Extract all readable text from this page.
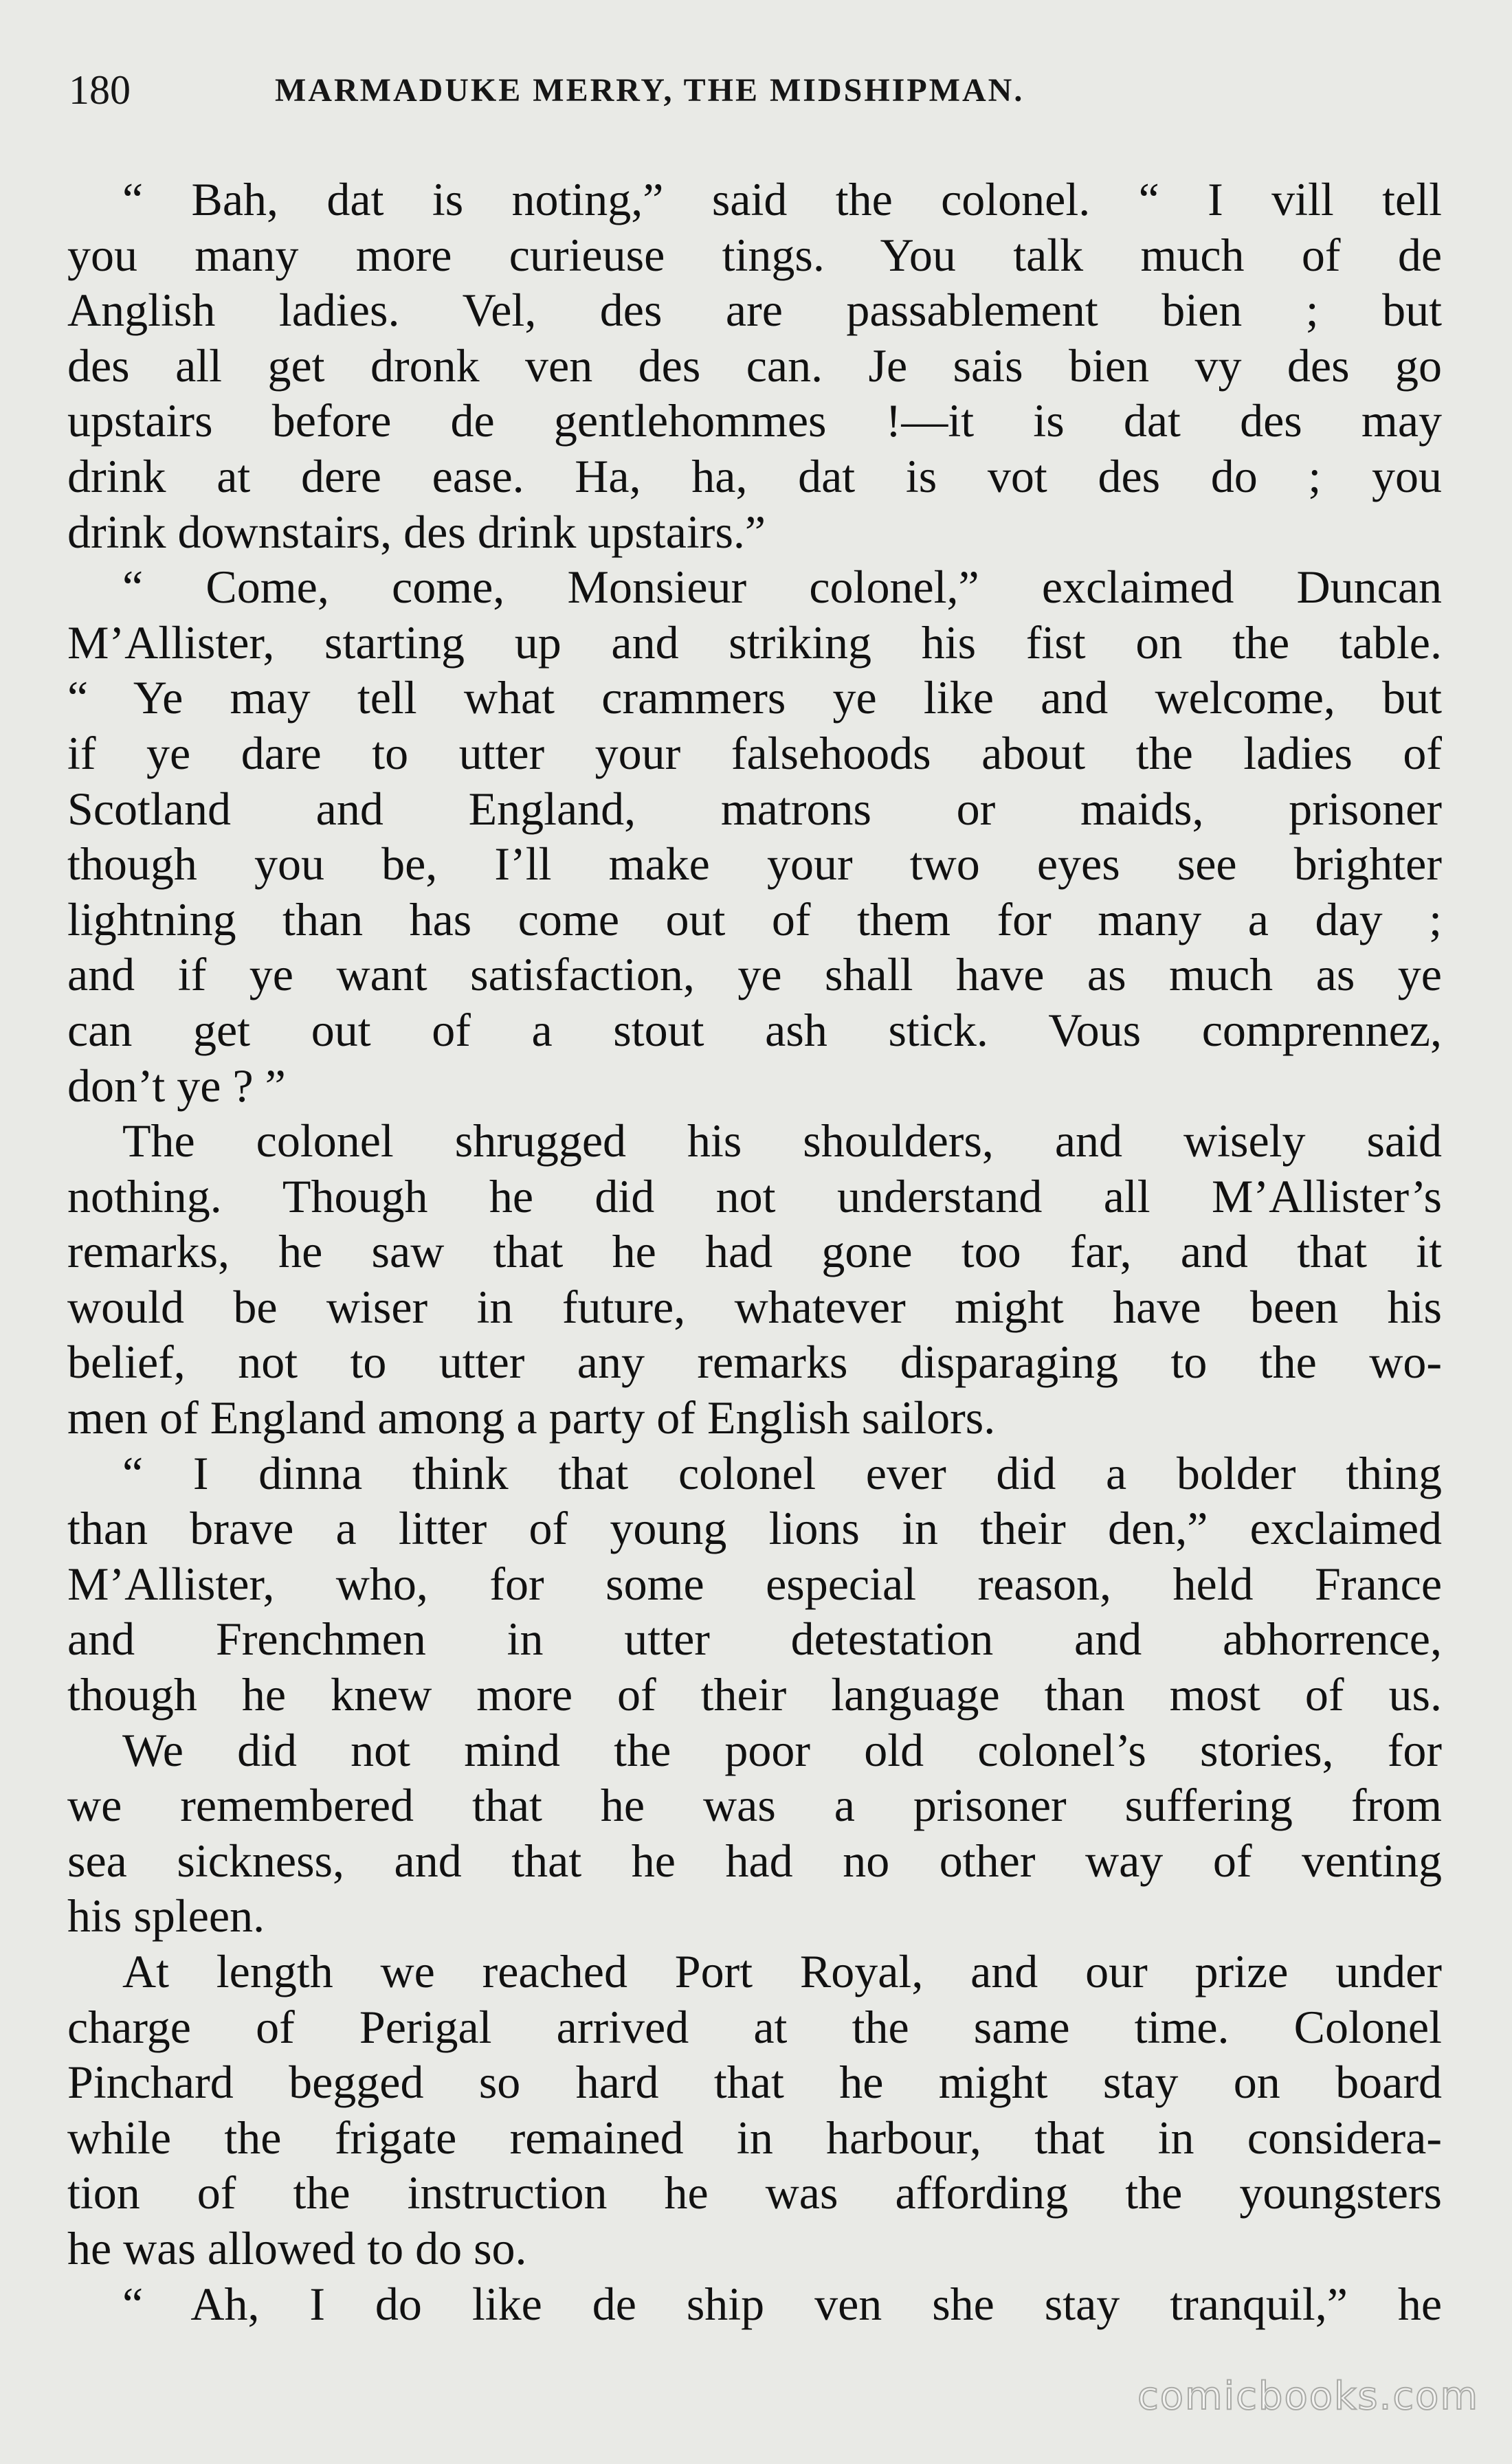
180	MARMADUKE MERRY, THE MIDSHIPMAN.
“ Bah, dat is noting,” said the colonel. “ I vill tell
you many more curieuse tings. You talk much of de
Anglish ladies. Vel, des are passablement bien ; but
des all get dronk ven des can. Je sais bien vy des go
upstairs before de gentlehommes !—it is dat des may
drink at dere ease. Ha, ha, dat is vot des do ; you
drink downstairs, des drink upstairs.”
“ Come, come, Monsieur colonel,” exclaimed Duncan
M’Allister, starting up and striking his fist on the table.
“ Ye may tell what crammers ye like and welcome, but
if ye dare to utter your falsehoods about the ladies of
Scotland and England, matrons or maids, prisoner
though you be, I’ll make your two eyes see brighter
lightning than has come out of them for many a day ;
and if ye want satisfaction, ye shall have as much as ye
can get out of a stout ash stick. Vous comprennez,
don’t ye ? ”
The colonel shrugged his shoulders, and wisely said
nothing. Though he did not understand all M’Allister’s
remarks, he saw that he had gone too far, and that it
would be wiser in future, whatever might have been his
belief, not to utter any remarks disparaging to the wo-
men of England among a party of English sailors.
“ I dinna think that colonel ever did a bolder thing
than brave a litter of young lions in their den,” exclaimed
M’Allister, who, for some especial reason, held France
and Frenchmen in utter detestation and abhorrence,
though he knew more of their language than most of us.
We did not mind the poor old colonel’s stories, for
we remembered that he was a prisoner suffering from
sea sickness, and that he had no other way of venting
his spleen.
At length we reached Port Royal, and our prize under
charge of Perigal arrived at the same time. Colonel
Pinchard begged so hard that he might stay on board
while the frigate remained in harbour, that in considera-
tion of the instruction he was affording the youngsters
he was allowed to do so.
“ Ah, I do like de ship ven she stay tranquil,” he
comicbooks.com
